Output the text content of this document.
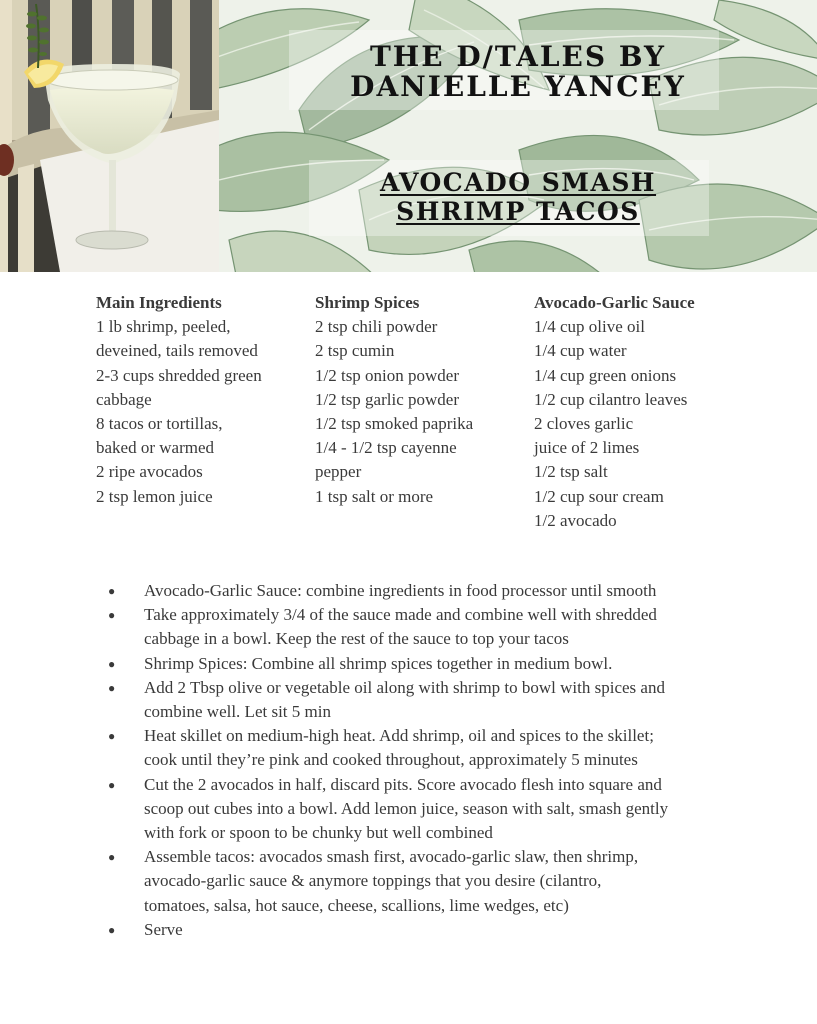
THE D/TALES BY
DANIELLE YANCEY
AVOCADO SMASH
SHRIMP TACOS
Main Ingredients
1 lb shrimp, peeled,
deveined, tails removed
2-3 cups shredded green
cabbage
8 tacos or tortillas,
baked or warmed
2 ripe avocados
2 tsp lemon juice
Shrimp Spices
2 tsp chili powder
2 tsp cumin
1/2 tsp onion powder
1/2 tsp garlic powder
1/2 tsp smoked paprika
1/4 - 1/2 tsp cayenne
pepper
1 tsp salt or more
Avocado-Garlic Sauce
1/4 cup olive oil
1/4 cup water
1/4 cup green onions
1/2 cup cilantro leaves
2 cloves garlic
juice of 2 limes
1/2 tsp salt
1/2 cup sour cream
1/2 avocado
● Avocado-Garlic Sauce: combine ingredients in food processor until smooth
● Take approximately 3/4 of the sauce made and combine well with shredded
cabbage in a bowl. Keep the rest of the sauce to top your tacos
● Shrimp Spices: Combine all shrimp spices together in medium bowl.
● Add 2 Tbsp olive or vegetable oil along with shrimp to bowl with spices and
combine well. Let sit 5 min
● Heat skillet on medium-high heat. Add shrimp, oil and spices to the skillet;
cook until they’re pink and cooked throughout, approximately 5 minutes
● Cut the 2 avocados in half, discard pits. Score avocado flesh into square and
scoop out cubes into a bowl. Add lemon juice, season with salt, smash gently
with fork or spoon to be chunky but well combined
● Assemble tacos: avocados smash first, avocado-garlic slaw, then shrimp,
avocado-garlic sauce & anymore toppings that you desire (cilantro,
tomatoes, salsa, hot sauce, cheese, scallions, lime wedges, etc)
● Serve
